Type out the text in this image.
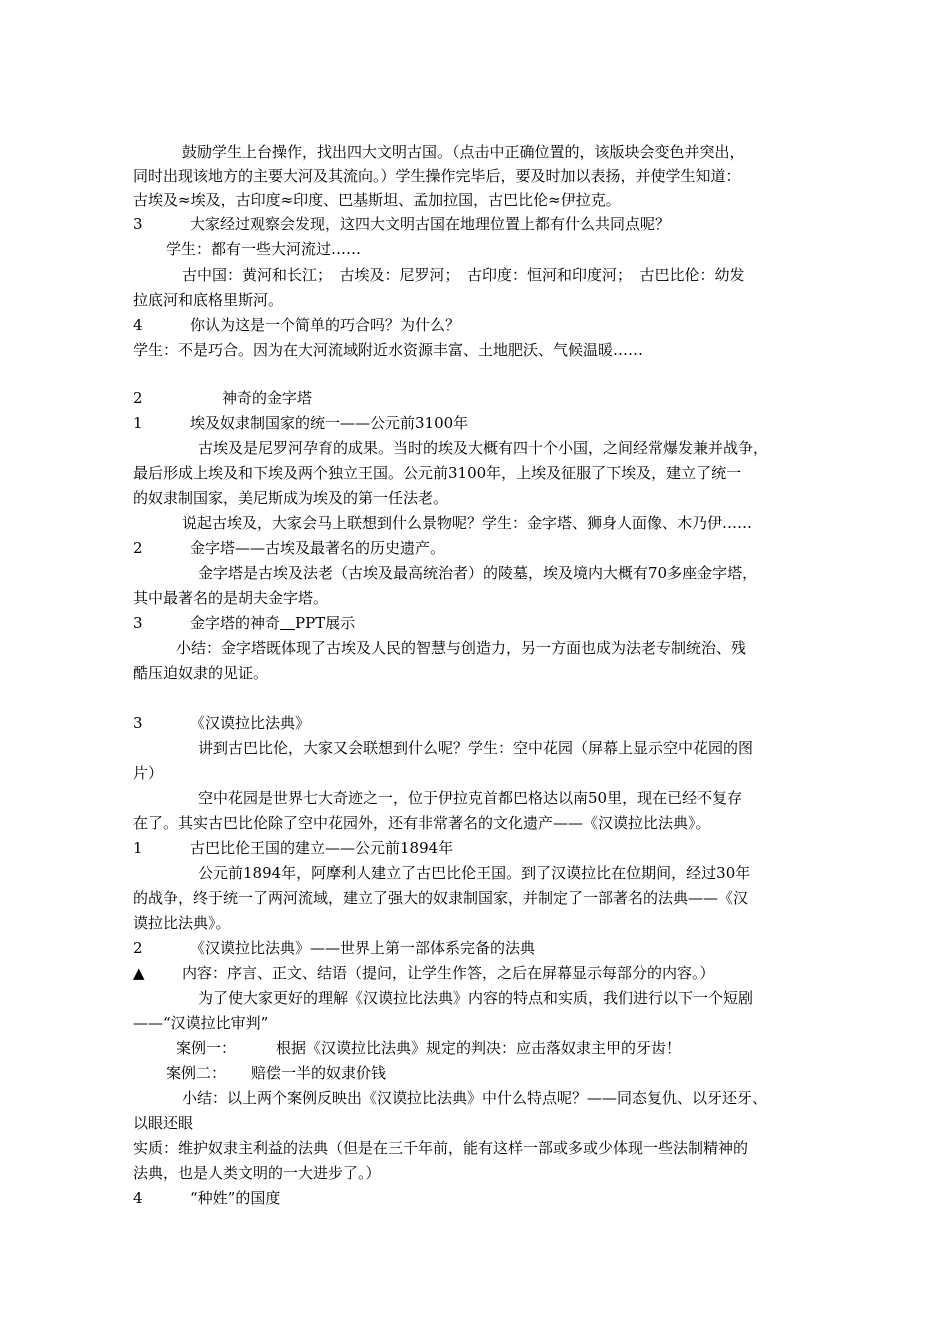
鼓励学生上台操作，找出四大文明古国。（点击中正确位置的，该版块会变色并突出，
同时出现该地方的主要大河及其流向。）学生操作完毕后，要及时加以表扬，并使学生知道：
古埃及≈埃及，古印度≈印度、巴基斯坦、孟加拉国，古巴比伦≈伊拉克。
3	大家经过观察会发现，这四大文明古国在地理位置上都有什么共同点呢？
学生：都有一些大河流过……
古中国：黄河和长江；　古埃及：尼罗河；　古印度：恒河和印度河；　古巴比伦：幼发
拉底河和底格里斯河。
4	你认为这是一个简单的巧合吗？为什么？
学生：不是巧合。因为在大河流域附近水资源丰富、土地肥沃、气候温暖……
2	神奇的金字塔
1	埃及奴隶制国家的统一——公元前3100年
古埃及是尼罗河孕育的成果。当时的埃及大概有四十个小国，之间经常爆发兼并战争，
最后形成上埃及和下埃及两个独立王国。公元前3100年，上埃及征服了下埃及，建立了统一
的奴隶制国家，美尼斯成为埃及的第一任法老。
说起古埃及，大家会马上联想到什么景物呢？学生：金字塔、狮身人面像、木乃伊……
2	金字塔——古埃及最著名的历史遗产。
金字塔是古埃及法老（古埃及最高统治者）的陵墓，埃及境内大概有70多座金字塔，
其中最著名的是胡夫金字塔。
3	金字塔的神奇　 PPT展示
小结：金字塔既体现了古埃及人民的智慧与创造力，另一方面也成为法老专制统治、残
酷压迫奴隶的见证。
3	《汉谟拉比法典》
讲到古巴比伦，大家又会联想到什么呢？学生：空中花园（屏幕上显示空中花园的图
片）
空中花园是世界七大奇迹之一，位于伊拉克首都巴格达以南50里，现在已经不复存
在了。其实古巴比伦除了空中花园外，还有非常著名的文化遗产——《汉谟拉比法典》。
1	古巴比伦王国的建立——公元前1894年
公元前1894年，阿摩利人建立了古巴比伦王国。到了汉谟拉比在位期间，经过30年
的战争，终于统一了两河流域，建立了强大的奴隶制国家，并制定了一部著名的法典——《汉
谟拉比法典》。
2	《汉谟拉比法典》——世界上第一部体系完备的法典
▲ 内容：序言、正文、结语（提问，让学生作答，之后在屏幕显示每部分的内容。）
为了使大家更好的理解《汉谟拉比法典》内容的特点和实质，我们进行以下一个短剧
——“汉谟拉比审判”
案例一：	根据《汉谟拉比法典》规定的判决：应击落奴隶主甲的牙齿！
案例二： 赔偿一半的奴隶价钱
小结：以上两个案例反映出《汉谟拉比法典》中什么特点呢？——同态复仇、以牙还牙、
以眼还眼
实质：维护奴隶主利益的法典（但是在三千年前，能有这样一部或多或少体现一些法制精神的
法典，也是人类文明的一大进步了。）
4	“种姓”的国度
